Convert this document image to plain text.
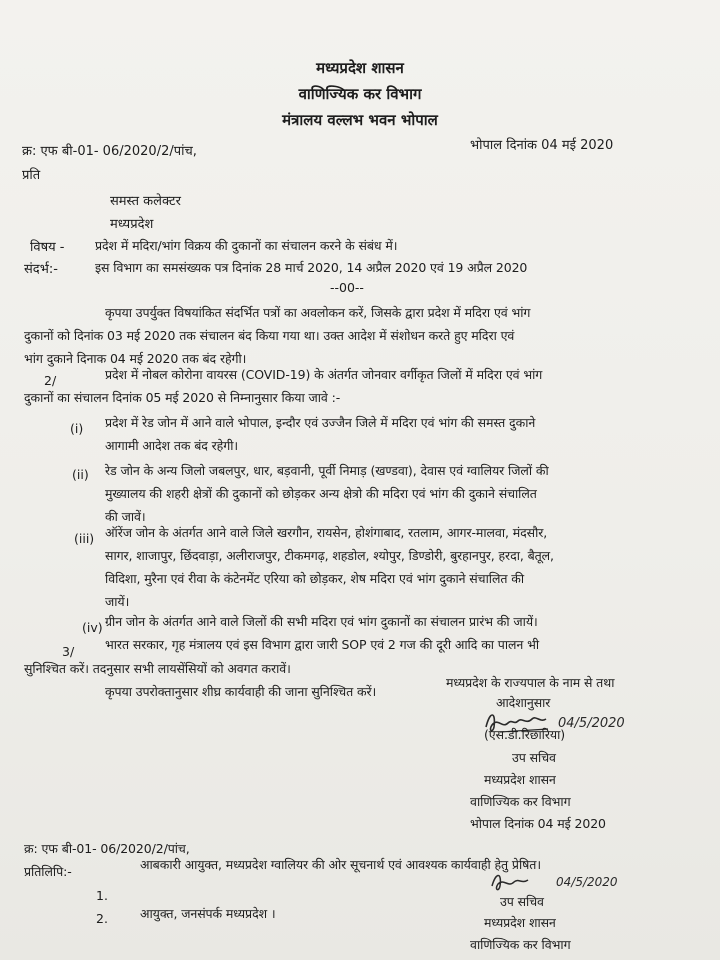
मध्यप्रदेश शासन
वाणिज्यिक कर विभाग
मंत्रालय वल्लभ भवन भोपाल
क्र: एफ बी-01- 06/2020/2/पांच,	भोपाल दिनांक 04 मई 2020
प्रति
समस्त कलेक्टर
मध्यप्रदेश
विषय - प्रदेश में मदिरा/भांग विक्रय की दुकानों का संचालन करने के संबंध में।
संदर्भ:-	इस विभाग का समसंख्यक पत्र दिनांक 28 मार्च 2020, 14 अप्रैल 2020 एवं 19 अप्रैल 2020
--00--
कृपया उपर्युक्त विषयांकित संदर्भित पत्रों का अवलोकन करें, जिसके द्वारा प्रदेश में मदिरा एवं भांग
दुकानों को दिनांक 03 मई 2020 तक संचालन बंद किया गया था। उक्त आदेश में संशोधन करते हुए मदिरा एवं
भांग दुकाने दिनाक 04 मई 2020 तक बंद रहेगी।
2/	प्रदेश में नोबल कोरोना वायरस (COVID-19) के अंतर्गत जोनवार वर्गीकृत जिलों में मदिरा एवं भांग
दुकानों का संचालन दिनांक 05 मई 2020 से निम्नानुसार किया जावे :-
(i) प्रदेश में रेड जोन में आने वाले भोपाल, इन्दौर एवं उज्जैन जिले में मदिरा एवं भांग की समस्त दुकाने
आगामी आदेश तक बंद रहेगी।
(ii) रेड जोन के अन्य जिलो जबलपुर, धार, बड़वानी, पूर्वी निमाड़ (खण्डवा), देवास एवं ग्वालियर जिलों की
मुख्यालय की शहरी क्षेत्रों की दुकानों को छोड़कर अन्य क्षेत्रो की मदिरा एवं भांग की दुकाने संचालित
की जावें।
(iii) ऑरेंज जोन के अंतर्गत आने वाले जिले खरगौन, रायसेन, होशंगाबाद, रतलाम, आगर-मालवा, मंदसौर,
सागर, शाजापुर, छिंदवाड़ा, अलीराजपुर, टीकमगढ़, शहडोल, श्योपुर, डिण्डोरी, बुरहानपुर, हरदा, बैतूल,
विदिशा, मुरैना एवं रीवा के कंटेनमेंट एरिया को छोड़कर, शेष मदिरा एवं भांग दुकाने संचालित की
जायें।
(iv) ग्रीन जोन के अंतर्गत आने वाले जिलों की सभी मदिरा एवं भांग दुकानों का संचालन प्रारंभ की जायें।
भारत सरकार, गृह मंत्रालय एवं इस विभाग द्वारा जारी SOP एवं 2 गज की दूरी आदि का पालन भी
3/
सुनिश्चित करें। तदनुसार सभी लायसेंसियों को अवगत करावें।
कृपया उपरोक्तानुसार शीघ्र कार्यवाही की जाना सुनिश्चित करें।
मध्यप्रदेश के राज्यपाल के नाम से तथा
आदेशानुसार
04/5/2020
(एस.डी.रिछारिया)
उप सचिव
मध्यप्रदेश शासन
वाणिज्यिक कर विभाग
भोपाल दिनांक 04 मई 2020
क्र: एफ बी-01- 06/2020/2/पांच,
प्रतिलिपि:-
1.
आबकारी आयुक्त, मध्यप्रदेश ग्वालियर की ओर सूचनार्थ एवं आवश्यक कार्यवाही हेतु प्रेषित।
2.	आयुक्त, जनसंपर्क मध्यप्रदेश ।
04/5/2020
उप सचिव
मध्यप्रदेश शासन
वाणिज्यिक कर विभाग
